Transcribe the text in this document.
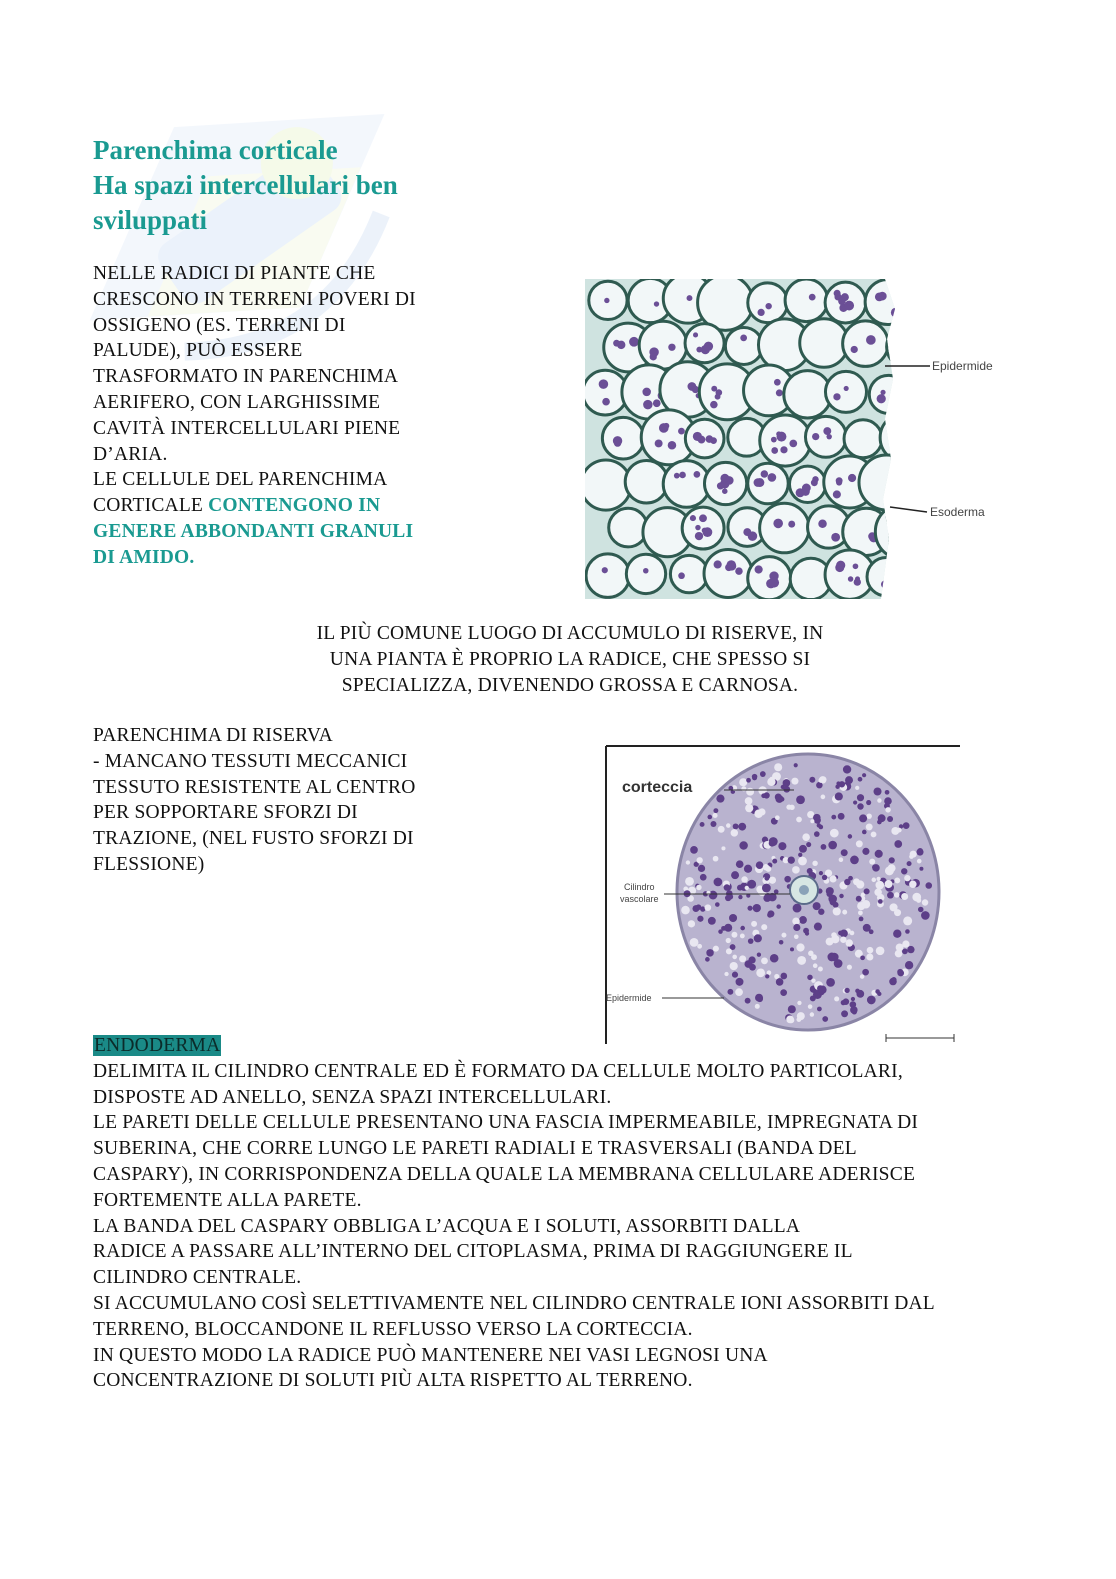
Parenchima corticale
Ha spazi intercellulari ben
sviluppati
NELLE RADICI DI PIANTE CHE
CRESCONO IN TERRENI POVERI DI
OSSIGENO (ES. TERRENI DI
PALUDE), PUÒ ESSERE
TRASFORMATO IN PARENCHIMA
AERIFERO, CON LARGHISSIME
CAVITÀ INTERCELLULARI PIENE
D’ARIA.
LE CELLULE DEL PARENCHIMA
CORTICALE CONTENGONO IN
GENERE ABBONDANTI GRANULI
DI AMIDO.
Epidermide
Esoderma
IL PIÙ COMUNE LUOGO DI ACCUMULO DI RISERVE, IN
UNA PIANTA È PROPRIO LA RADICE, CHE SPESSO SI
SPECIALIZZA, DIVENENDO GROSSA E CARNOSA.
PARENCHIMA DI RISERVA
- MANCANO TESSUTI MECCANICI
TESSUTO RESISTENTE AL CENTRO
PER SOPPORTARE SFORZI DI
TRAZIONE, (NEL FUSTO SFORZI DI
FLESSIONE)
corteccia
Cilindro
vascolare
Epidermide
ENDODERMA
DELIMITA IL CILINDRO CENTRALE ED È FORMATO DA CELLULE MOLTO PARTICOLARI,
DISPOSTE AD ANELLO, SENZA SPAZI INTERCELLULARI.
LE PARETI DELLE CELLULE PRESENTANO UNA FASCIA IMPERMEABILE, IMPREGNATA DI
SUBERINA, CHE CORRE LUNGO LE PARETI RADIALI E TRASVERSALI (BANDA DEL
CASPARY), IN CORRISPONDENZA DELLA QUALE LA MEMBRANA CELLULARE ADERISCE
FORTEMENTE ALLA PARETE.
LA BANDA DEL CASPARY OBBLIGA L’ACQUA E I SOLUTI, ASSORBITI DALLA
RADICE A PASSARE ALL’INTERNO DEL CITOPLASMA, PRIMA DI RAGGIUNGERE IL
CILINDRO CENTRALE.
SI ACCUMULANO COSÌ SELETTIVAMENTE NEL CILINDRO CENTRALE IONI ASSORBITI DAL
TERRENO, BLOCCANDONE IL REFLUSSO VERSO LA CORTECCIA.
IN QUESTO MODO LA RADICE PUÒ MANTENERE NEI VASI LEGNOSI UNA
CONCENTRAZIONE DI SOLUTI PIÙ ALTA RISPETTO AL TERRENO.
